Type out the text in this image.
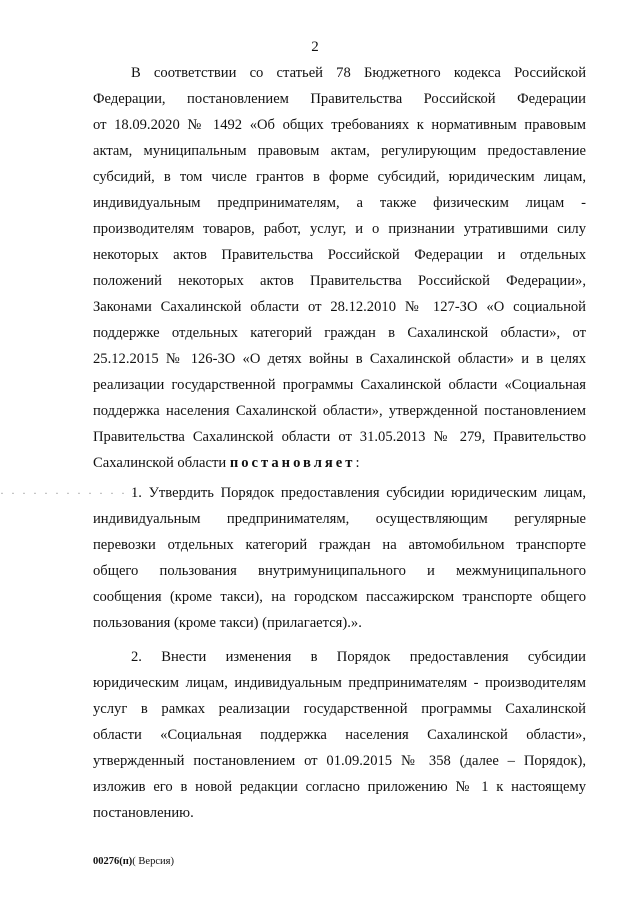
2
· · · · · · · · · · · · ·

В соответствии со статьей 78 Бюджетного кодекса Российской
Федерации, постановлением Правительства Российской Федерации
от 18.09.2020 № 1492 «Об общих требованиях к нормативным правовым
актам, муниципальным правовым актам, регулирующим предоставление
субсидий, в том числе грантов в форме субсидий, юридическим лицам,
индивидуальным предпринимателям, а также физическим лицам -
производителям товаров, работ, услуг, и о признании утратившими силу
некоторых актов Правительства Российской Федерации и отдельных
положений некоторых актов Правительства Российской Федерации»,
Законами Сахалинской области от 28.12.2010 № 127-ЗО «О социальной
поддержке отдельных категорий граждан в Сахалинской области», от
25.12.2015 № 126-ЗО «О детях войны в Сахалинской области» и в целях
реализации государственной программы Сахалинской области «Социальная
поддержка населения Сахалинской области», утвержденной постановлением
Правительства Сахалинской области от 31.05.2013 № 279, Правительство
Сахалинской области постановляет:

1. Утвердить Порядок предоставления субсидии юридическим лицам,
индивидуальным предпринимателям, осуществляющим регулярные
перевозки отдельных категорий граждан на автомобильном транспорте
общего пользования внутримуниципального и межмуниципального
сообщения (кроме такси), на городском пассажирском транспорте общего
пользования (кроме такси) (прилагается).».

2. Внести изменения в Порядок предоставления субсидии
юридическим лицам, индивидуальным предпринимателям - производителям
услуг в рамках реализации государственной программы Сахалинской
области «Социальная поддержка населения Сахалинской области»,
утвержденный постановлением от 01.09.2015 № 358 (далее – Порядок),
изложив его в новой редакции согласно приложению № 1 к настоящему
постановлению.

00276(п)( Версия)
